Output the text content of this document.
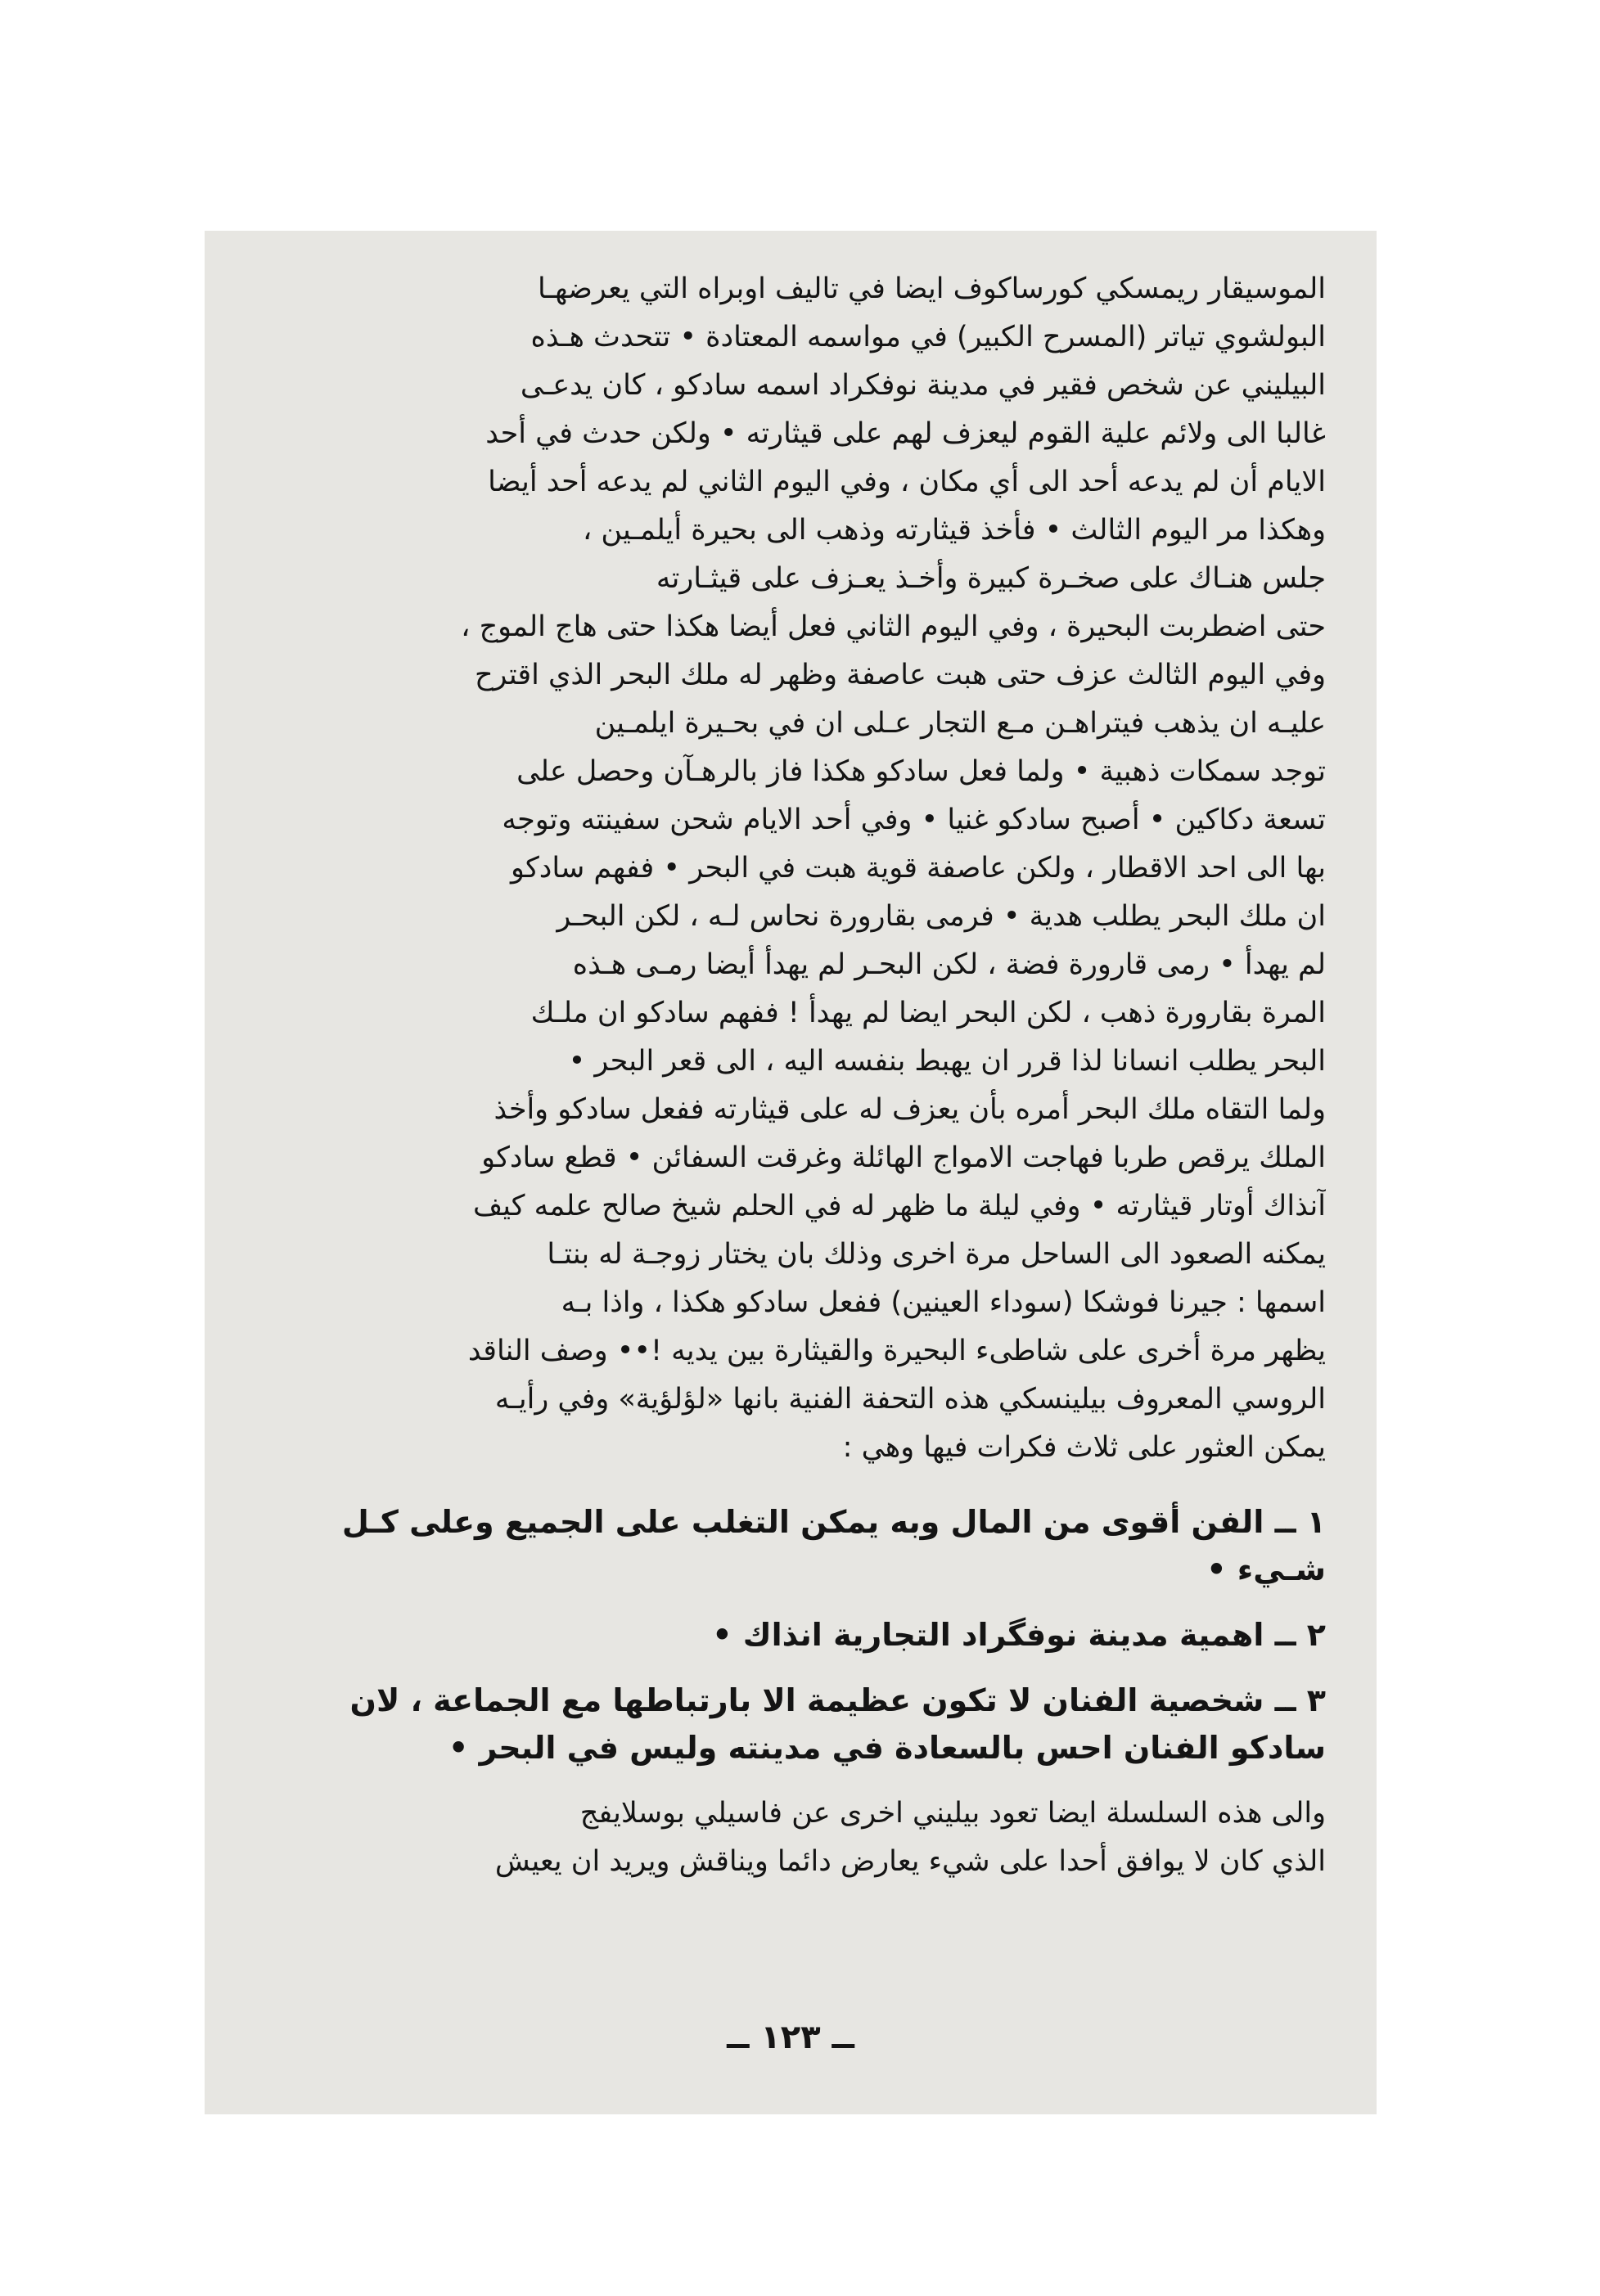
الموسيقار ريمسكي كورساكوف ايضا في تاليف اوبراه التي يعرضهـا
البولشوي تياتر (المسرح الكبير) في مواسمه المعتادة • تتحدث هـذه
البيليني عن شخص فقير في مدينة نوفكراد اسمه سادكو ، كان يدعـى
غالبا الى ولائم علية القوم ليعزف لهم على قيثارته • ولكن حدث في أحد
الايام أن لم يدعه أحد الى أي مكان ، وفي اليوم الثاني لم يدعه أحد أيضا
وهكذا مر اليوم الثالث • فأخذ قيثارته وذهب الى بحيرة أيلمـين ،
جلس هنـاك على صخـرة كبيرة وأخـذ يعـزف على قيثـارته
حتى اضطربت البحيرة ، وفي اليوم الثاني فعل أيضا هكذا حتى هاج الموج ،
وفي اليوم الثالث عزف حتى هبت عاصفة وظهر له ملك البحر الذي اقترح
عليـه ان يذهب فيتراهـن مـع التجار عـلى ان في بحـيرة ايلمـين
توجد سمكات ذهبية • ولما فعل سادكو هكذا فاز بالرهـآن وحصل على
تسعة دكاكين • أصبح سادكو غنيا • وفي أحد الايام شحن سفينته وتوجه
بها الى احد الاقطار ، ولكن عاصفة قوية هبت في البحر • ففهم سادكو
ان ملك البحر يطلب هدية • فرمى بقارورة نحاس لـه ، لكن البحـر
لم يهدأ • رمى قارورة فضة ، لكن البحـر لم يهدأ أيضا رمـى هـذه
المرة بقارورة ذهب ، لكن البحر ايضا لم يهدأ ! ففهم سادكو ان ملـك
البحر يطلب انسانا لذا قرر ان يهبط بنفسه اليه ، الى قعر البحر •
ولما التقاه ملك البحر أمره بأن يعزف له على قيثارته ففعل سادكو وأخذ
الملك يرقص طربا فهاجت الامواج الهائلة وغرقت السفائن • قطع سادكو
آنذاك أوتار قيثارته • وفي ليلة ما ظهر له في الحلم شيخ صالح علمه كيف
يمكنه الصعود الى الساحل مرة اخرى وذلك بان يختار زوجـة له بنتـا
اسمها : جيرنا فوشكا (سوداء العينين) ففعل سادكو هكذا ، واذا بـه
يظهر مرة أخرى على شاطىء البحيرة والقيثارة بين يديه !•• وصف الناقد
الروسي المعروف بيلينسكي هذه التحفة الفنية بانها «لؤلؤية» وفي رأيـه
يمكن العثور على ثلاث فكرات فيها وهي :
١ ــ الفن أقوى من المال وبه يمكن التغلب على الجميع وعلى كـل
شـيء •
٢ ــ اهمية مدينة نوفگراد التجارية انذاك •
٣ ــ شخصية الفنان لا تكون عظيمة الا بارتباطها مع الجماعة ، لان
سادكو الفنان احس بالسعادة في مدينته وليس في البحر •
والى هذه السلسلة ايضا تعود بيليني اخرى عن فاسيلي بوسلايفج
الذي كان لا يوافق أحدا على شيء يعارض دائما ويناقش ويريد ان يعيش
ــ ١٢٣ ــ
